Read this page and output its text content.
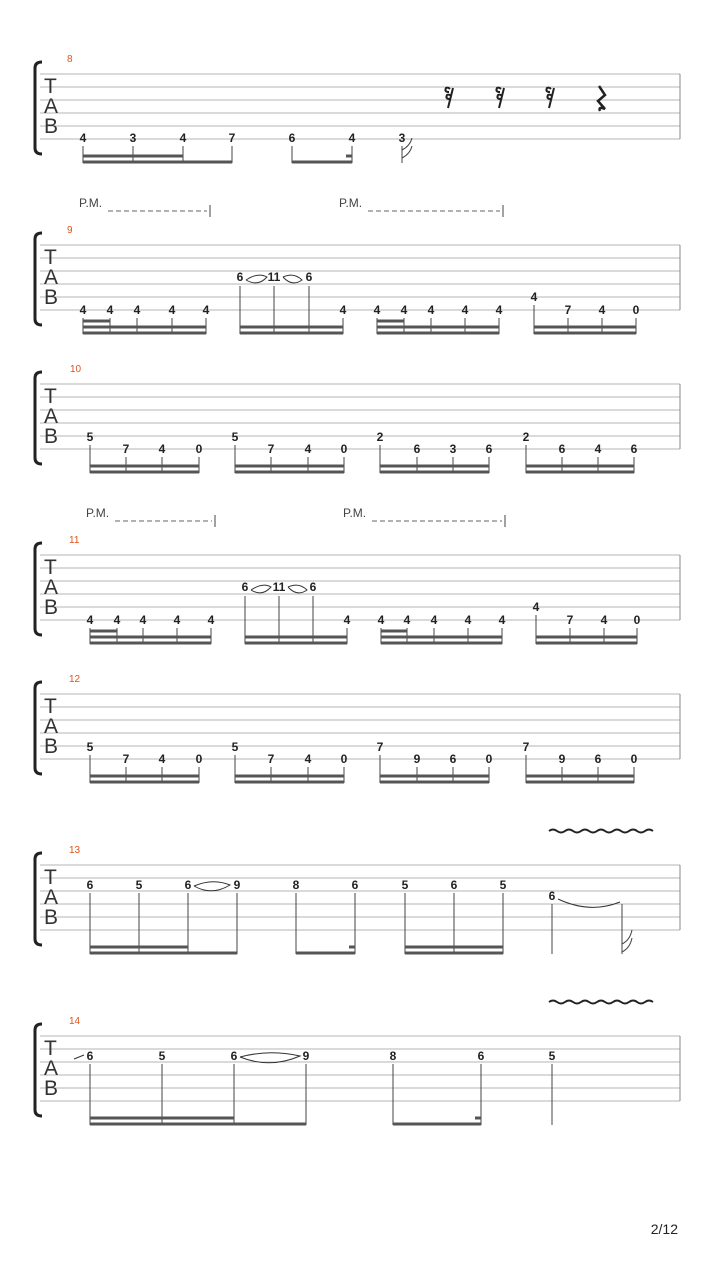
8
T
A
B 4	3	4	7	6	4	3
P.M.	P.M.
9
T
A
B
4 4 4 4 4
6 11 6
4 4 4 4 4 4
4
7 4 0
10
T
A
B 5
7 4	0
5
7	4 0
2
6 3 6
2
6 4 6
P.M.	P.M.
11
T
A
B
4 4 4 4 4
6 11 6
4 4 4 4 4 4
4
7 4 0
12
T
A
B 5
7 4	0
5
7	4 0
7
9 6 0
7
9 6 0
13
T
A
B
6	5	6	9	8	6	5	6	5
6
14
T
A
B
6	5	6	9	8	6	5
2/12
